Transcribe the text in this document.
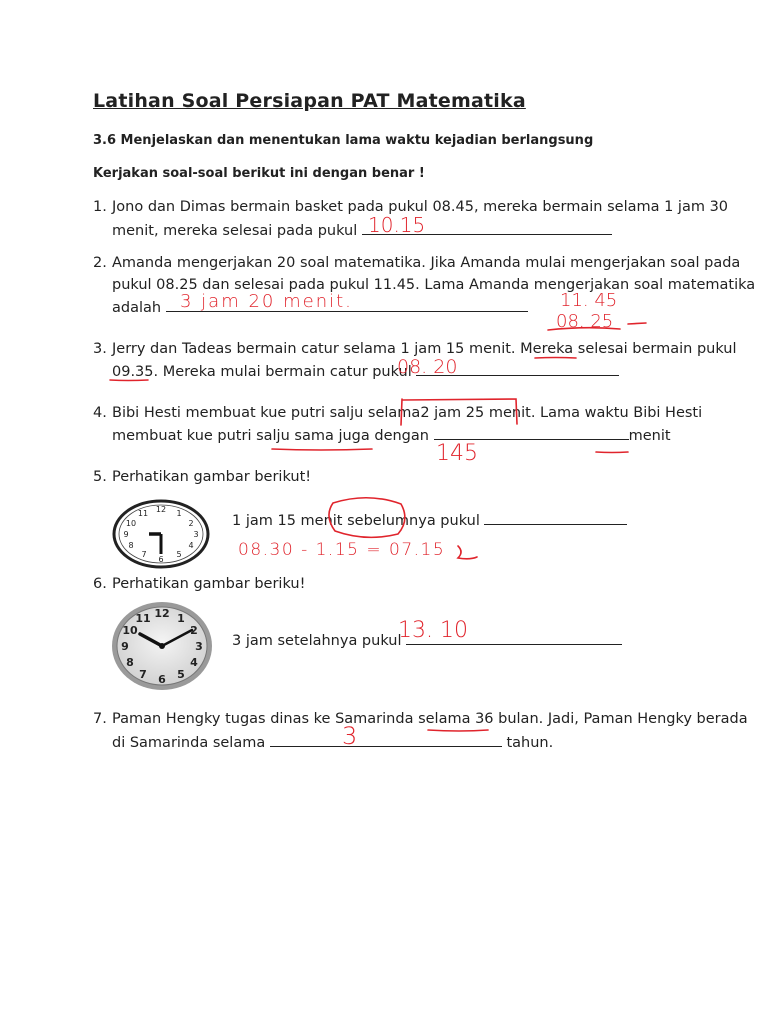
Latihan Soal Persiapan PAT Matematika
3.6 Menjelaskan dan menentukan lama waktu kejadian berlangsung
Kerjakan soal-soal berikut ini dengan benar !
1. Jono dan Dimas bermain basket pada pukul 08.45, mereka bermain selama 1 jam 30
menit, mereka selesai pada pukul 10.15
2. Amanda mengerjakan 20 soal matematika. Jika Amanda mulai mengerjakan soal pada
pukul 08.25 dan selesai pada pukul 11.45. Lama Amanda mengerjakan soal matematika
adalah	3 jam 20 menit.	11. 45
08. 25
3. Jerry dan Tadeas bermain catur selama 1 jam 15 menit. Mereka selesai bermain pukul
09.35. Mereka mulai bermain catur pukul
08. 20
4. Bibi Hesti membuat kue putri salju selama 2 jam 25 menit . Lama waktu Bibi Hesti
membuat kue putri salju sama juga dengan	menit
145
5. Perhatikan gambar berikut!
1 jam 15 menit sebelumnya pukul
08.30 - 1.15 = 07.15
12 1
2
3
4
5
6
7
8
9
10
11
6. Perhatikan gambar beriku!
3 jam setelahnya pukul
13. 10
12 1
2
3
4
5
6
7
8
9
10
11
7. Paman Hengky tugas dinas ke Samarinda selama 36 bulan. Jadi, Paman Hengky berada
di Samarinda selama	tahun.
3
